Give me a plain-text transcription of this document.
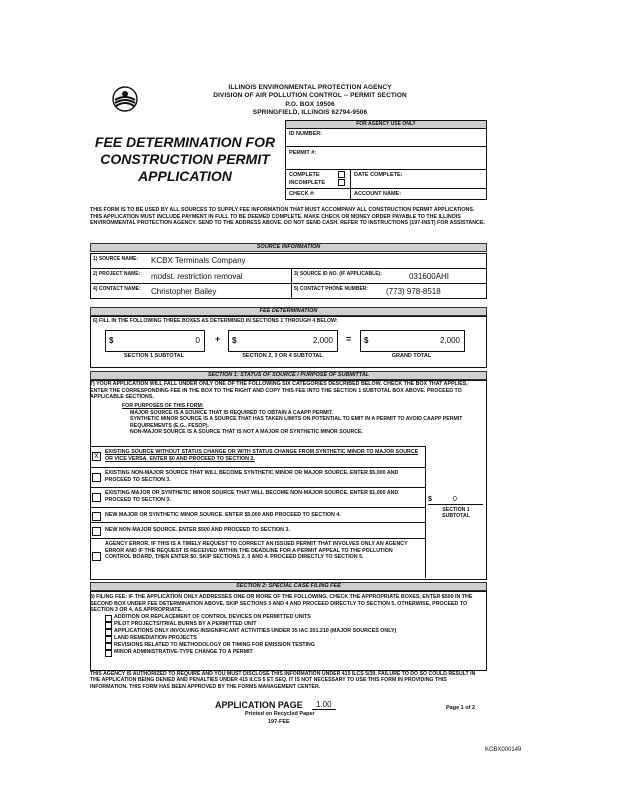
ILLINOIS ENVIRONMENTAL PROTECTION AGENCY
DIVISION OF AIR POLLUTION CONTROL -- PERMIT SECTION
P.O. BOX 19506
SPRINGFIELD, ILLINOIS 62794-9506
FEE DETERMINATION FOR
CONSTRUCTION PERMIT
APPLICATION
FOR AGENCY USE ONLY
ID NUMBER:
PERMIT #:
COMPLETE
INCOMPLETE
DATE COMPLETE:
CHECK #:	ACCOUNT NAME:
THIS FORM IS TO BE USED BY ALL SOURCES TO SUPPLY FEE INFORMATION THAT MUST ACCOMPANY ALL CONSTRUCTION PERMIT APPLICATIONS. THIS APPLICATION MUST INCLUDE PAYMENT IN FULL TO BE DEEMED COMPLETE. MAKE CHECK OR MONEY ORDER PAYABLE TO THE ILLINOIS ENVIRONMENTAL PROTECTION AGENCY. SEND TO THE ADDRESS ABOVE. DO NOT SEND CASH. REFER TO INSTRUCTIONS (197-INST) FOR ASSISTANCE.
SOURCE INFORMATION
1) SOURCE NAME: KCBX Terminals Company
2) PROJECT NAME: modst. restriction removal	3) SOURCE ID NO. (IF APPLICABLE):	031600AHI
4) CONTACT NAME: Christopher Bailey	5) CONTACT PHONE NUMBER: (773) 978-8518
FEE DETERMINATION
6) FILL IN THE FOLLOWING THREE BOXES AS DETERMINED IN SECTIONS 1 THROUGH 4 BELOW:
$	0 + $	2,000 = $	2,000
SECTION 1 SUBTOTAL	SECTION 2, 3 OR 4 SUBTOTAL	GRAND TOTAL
SECTION 1: STATUS OF SOURCE / PURPOSE OF SUBMITTAL
7) YOUR APPLICATION WILL FALL UNDER ONLY ONE OF THE FOLLOWING SIX CATEGORIES DESCRIBED BELOW. CHECK THE BOX THAT APPLIES, ENTER THE CORRESPONDING FEE IN THE BOX TO THE RIGHT AND COPY THIS FEE INTO THE SECTION 1 SUBTOTAL BOX ABOVE. PROCEED TO APPLICABLE SECTIONS.
FOR PURPOSES OF THIS FORM:
MAJOR SOURCE IS A SOURCE THAT IS REQUIRED TO OBTAIN A CAAPP PERMIT.
SYNTHETIC MINOR SOURCE IS A SOURCE THAT HAS TAKEN LIMITS ON POTENTIAL TO EMIT IN A PERMIT TO AVOID CAAPP PERMIT REQUIREMENTS (E.G., FESOP).
NON-MAJOR SOURCE IS A SOURCE THAT IS NOT A MAJOR OR SYNTHETIC MINOR SOURCE.
X
EXISTING SOURCE WITHOUT STATUS CHANGE OR WITH STATUS CHANGE FROM SYNTHETIC MINOR TO MAJOR SOURCE OR VICE VERSA. ENTER $0 AND PROCEED TO SECTION 2.
EXISTING NON-MAJOR SOURCE THAT WILL BECOME SYNTHETIC MINOR OR MAJOR SOURCE. ENTER $5,000 AND PROCEED TO SECTION 3.
EXISTING MAJOR OR SYNTHETIC MINOR SOURCE THAT WILL BECOME NON-MAJOR SOURCE. ENTER $1,000 AND PROCEED TO SECTION 3.
NEW MAJOR OR SYNTHETIC MINOR SOURCE. ENTER $5,000 AND PROCEED TO SECTION 4.
NEW NON-MAJOR SOURCE. ENTER $500 AND PROCEED TO SECTION 3.
AGENCY ERROR. IF THIS IS A TIMELY REQUEST TO CORRECT AN ISSUED PERMIT THAT INVOLVES ONLY AN AGENCY ERROR AND IF THE REQUEST IS RECEIVED WITHIN THE DEADLINE FOR A PERMIT APPEAL TO THE POLLUTION CONTROL BOARD, THEN ENTER $0. SKIP SECTIONS 2, 3 AND 4. PROCEED DIRECTLY TO SECTION 5.
$	0
SECTION 1 SUBTOTAL
SECTION 2: SPECIAL CASE FILING FEE
8) FILING FEE: IF THE APPLICATION ONLY ADDRESSES ONE OR MORE OF THE FOLLOWING, CHECK THE APPROPRIATE BOXES, ENTER $500 IN THE SECOND BOX UNDER FEE DETERMINATION ABOVE, SKIP SECTIONS 3 AND 4 AND PROCEED DIRECTLY TO SECTION 5. OTHERWISE, PROCEED TO SECTION 3 OR 4, AS APPROPRIATE.
ADDITION OR REPLACEMENT OF CONTROL DEVICES ON PERMITTED UNITS
PILOT PROJECTS/TRIAL BURNS BY A PERMITTED UNIT
APPLICATIONS ONLY INVOLVING INSIGNIFICANT ACTIVITIES UNDER 35 IAC 201.210 (MAJOR SOURCES ONLY)
LAND REMEDIATION PROJECTS
REVISIONS RELATED TO METHODOLOGY OR TIMING FOR EMISSION TESTING
MINOR ADMINISTRATIVE-TYPE CHANGE TO A PERMIT
THIS AGENCY IS AUTHORIZED TO REQUIRE AND YOU MUST DISCLOSE THIS INFORMATION UNDER 415 ILCS 5/39. FAILURE TO DO SO COULD RESULT IN THE APPLICATION BEING DENIED AND PENALTIES UNDER 415 ILCS 5 ET SEQ. IT IS NOT NECESSARY TO USE THIS FORM IN PROVIDING THIS INFORMATION. THIS FORM HAS BEEN APPROVED BY THE FORMS MANAGEMENT CENTER.
APPLICATION PAGE	1.00
Printed on Recycled Paper
197-FEE
Page 1 of 2
KCBX000149
